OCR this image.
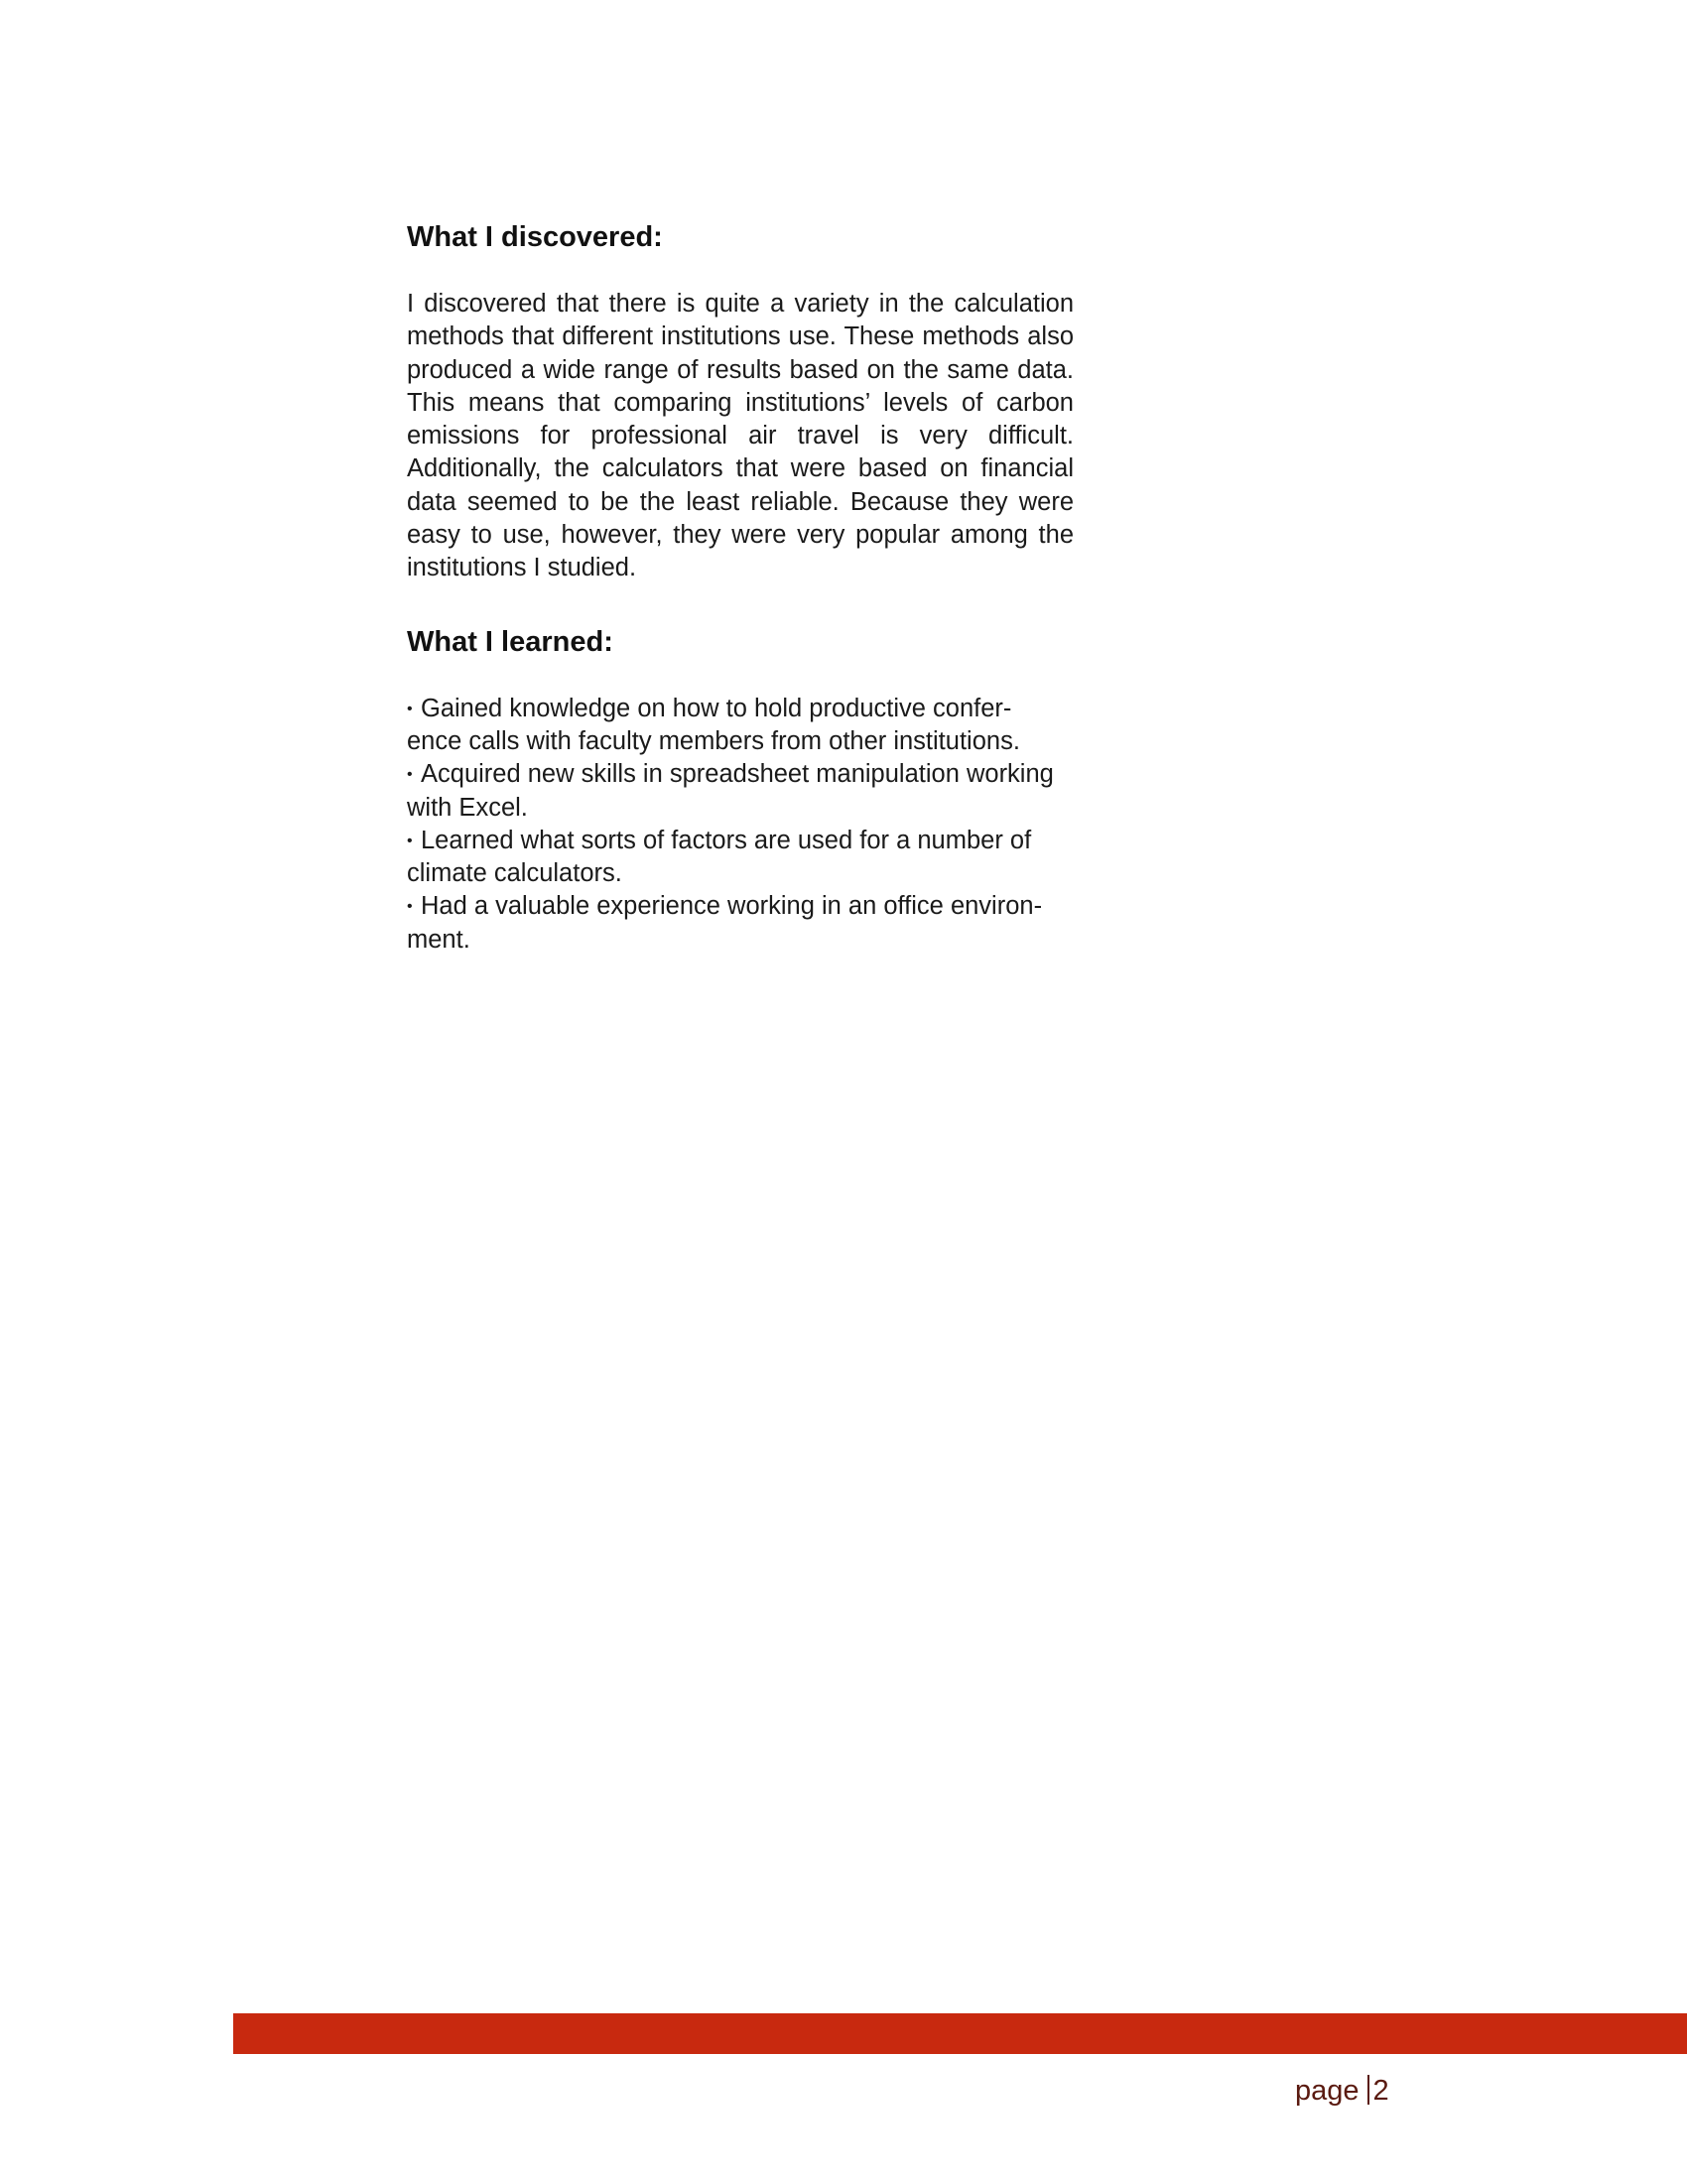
What I discovered:

I discovered that there is quite a variety in the calculation methods that different institutions use. These methods also produced a wide range of results based on the same data. This means that comparing institutions’ levels of carbon emissions for professional air travel is very difficult. Additionally, the calculators that were based on financial data seemed to be the least reliable. Because they were easy to use, however, they were very popular among the institutions I studied.

What I learned:
• Gained knowledge on how to hold productive confer-ence calls with faculty members from other institutions.
• Acquired new skills in spreadsheet manipulation working with Excel.
• Learned what sorts of factors are used for a number of climate calculators.
• Had a valuable experience working in an office environ-ment.
page 2
